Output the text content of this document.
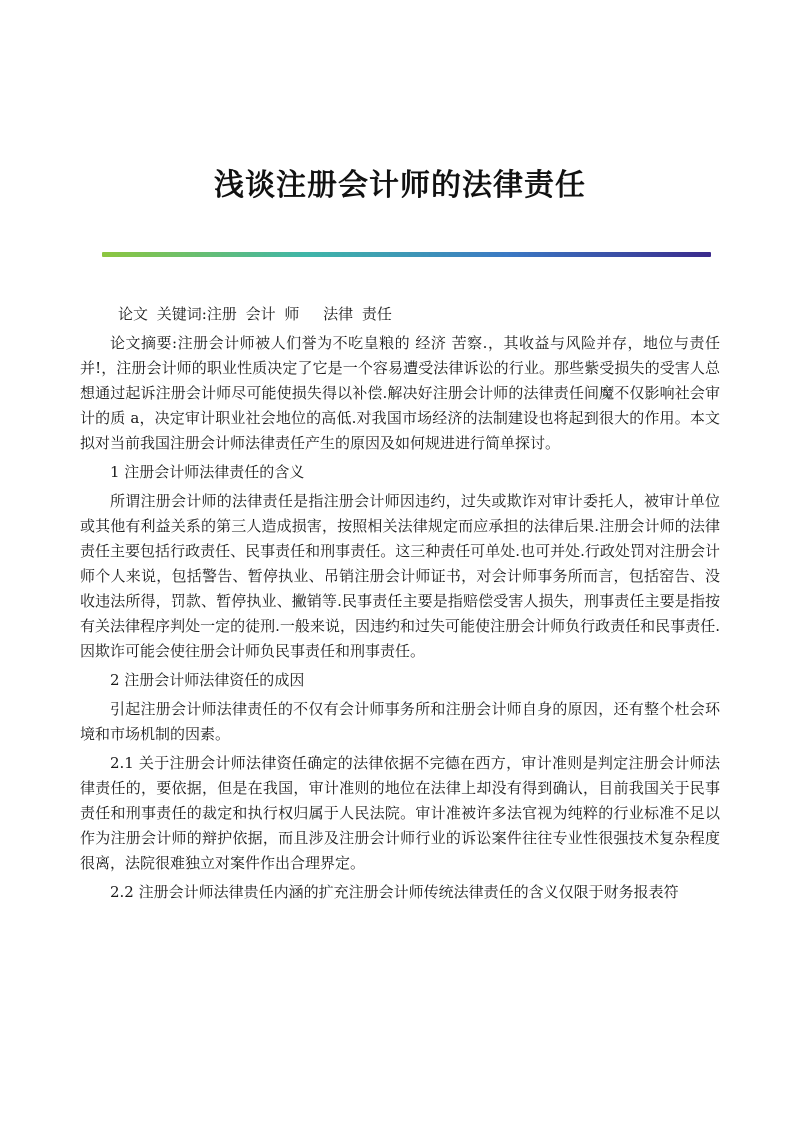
浅谈注册会计师的法律责任

论文 关键词:注册 会计 师 　法律 责任

论文摘要:注册会计师被人们誉为不吃皇粮的 经济 苦察.，其收益与风险并存，地位与责任并!，注册会计师的职业性质决定了它是一个容易遭受法律诉讼的行业。那些紫受损失的受害人总想通过起诉注册会计师尽可能使损失得以补偿.解决好注册会计师的法律责任间魔不仅影响社会审计的质 a，决定审计职业社会地位的高低.对我国市场经济的法制建设也将起到很大的作用。本文拟对当前我国注册会计师法律责任产生的原因及如何规进进行简单探讨。

1 注册会计师法律责任的含义

所谓注册会计师的法律责任是指注册会计师因违约，过失或欺诈对审计委托人，被审计单位或其他有利益关系的第三人造成损害，按照相关法律规定而应承担的法律后果.注册会计师的法律责任主要包括行政责任、民事责任和刑事责任。这三种责任可单处.也可并处.行政处罚对注册会计师个人来说，包括警告、暂停执业、吊销注册会计师证书，对会计师事务所而言，包括窑告、没收违法所得，罚款、暂停执业、撇销等.民事责任主要是指赔偿受害人损失，刑事责任主要是指按有关法律程序判处一定的徒刑.一般来说，因违约和过失可能使注册会计师负行政责任和民事责任.因欺诈可能会使往册会计师负民事责任和刑事责任。

2 注册会计师法律资任的成因

引起注册会计师法律责任的不仅有会计师事务所和注册会计师自身的原因，还有整个杜会环境和市场机制的因素。

2.1 关于注册会计师法律资任确定的法律依据不完德在西方，审计准则是判定注册会计师法律责任的，要依据，但是在我国，审计准则的地位在法律上却没有得到确认，目前我国关于民事责任和刑事责任的裁定和执行权归属于人民法院。审计准被许多法官视为纯粹的行业标准不足以作为注册会计师的辩护依据，而且涉及注册会计师行业的诉讼案件往往专业性很强技术复杂程度很离，法院很难独立对案件作出合理界定。

2.2 注册会计师法律贵任内涵的扩充注册会计师传统法律责任的含义仅限于财务报表符
